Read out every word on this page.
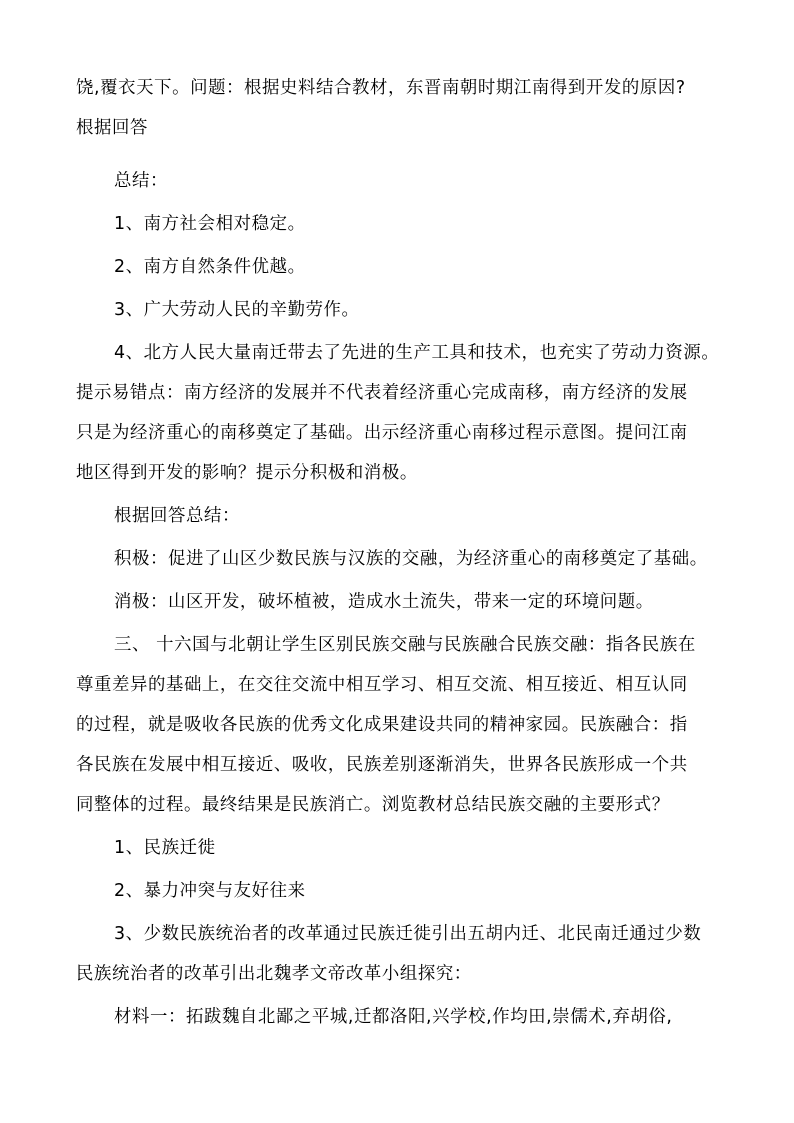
饶,覆衣天下。问题：根据史料结合教材，东晋南朝时期江南得到开发的原因?
根据回答
总结：
1、南方社会相对稳定。
2、南方自然条件优越。
3、广大劳动人民的辛勤劳作。
4、北方人民大量南迁带去了先进的生产工具和技术，也充实了劳动力资源。
提示易错点：南方经济的发展并不代表着经济重心完成南移，南方经济的发展
只是为经济重心的南移奠定了基础。出示经济重心南移过程示意图。提问江南
地区得到开发的影响？提示分积极和消极。
根据回答总结：
积极：促进了山区少数民族与汉族的交融，为经济重心的南移奠定了基础。
消极：山区开发，破坏植被，造成水土流失，带来一定的环境问题。
三、 十六国与北朝让学生区别民族交融与民族融合民族交融：指各民族在
尊重差异的基础上，在交往交流中相互学习、相互交流、相互接近、相互认同
的过程，就是吸收各民族的优秀文化成果建设共同的精神家园。民族融合：指
各民族在发展中相互接近、吸收，民族差别逐渐消失，世界各民族形成一个共
同整体的过程。最终结果是民族消亡。浏览教材总结民族交融的主要形式？
1、民族迁徙
2、暴力冲突与友好往来
3、少数民族统治者的改革通过民族迁徙引出五胡内迁、北民南迁通过少数
民族统治者的改革引出北魏孝文帝改革小组探究：
材料一：拓跋魏自北鄙之平城,迁都洛阳,兴学校,作均田,崇儒术,弃胡俗,
